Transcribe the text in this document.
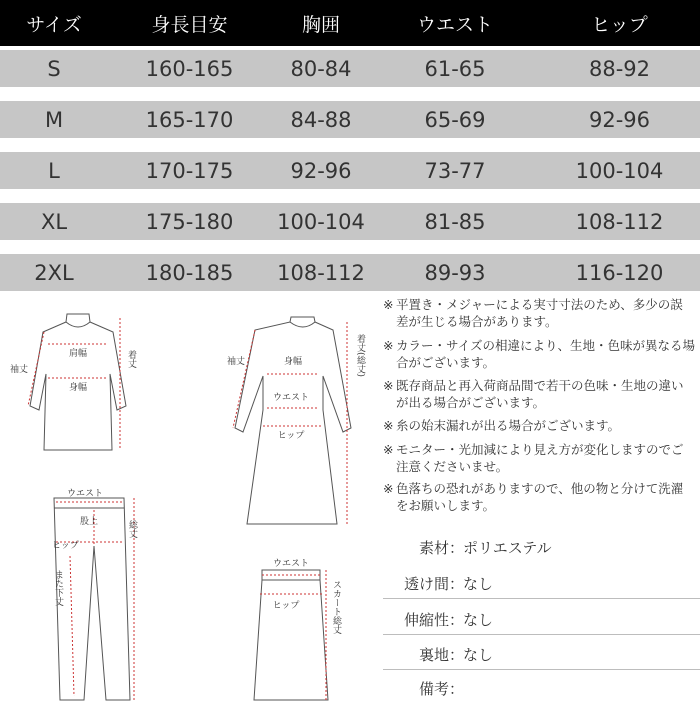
サイズ	身長目安	胸囲	ウエスト	ヒップ
S	160-165	80-84	61-65	88-92
M	165-170	84-88	65-69	92-96
L	170-175	92-96	73-77	100-104
XL	175-180	100-104	81-85	108-112
2XL	180-185	108-112	89-93	116-120
※ 平置き・メジャーによる実寸寸法のため、多少の誤差が生じる場合があります。
※ カラー・サイズの相違により、生地・色味が異なる場合がございます。
※ 既存商品と再入荷商品間で若干の色味・生地の違いが出る場合がございます。
※ 糸の始末漏れが出る場合がございます。
※ モニター・光加減により見え方が変化しますのでご注意くださいませ。
※ 色落ちの恐れがありますので、他の物と分けて洗濯をお願いします。
素材 ：
ポリエステル
透け間 ：
なし
伸縮性 ：
なし
裏地 ：
なし
備考 ：
肩幅
身幅
着丈
袖丈
身幅
ウエスト
ヒップ
着丈(総丈)
袖丈
ウエスト
股上
ヒップ
また下丈
総丈
ウエスト
ヒップ	スカート総丈
